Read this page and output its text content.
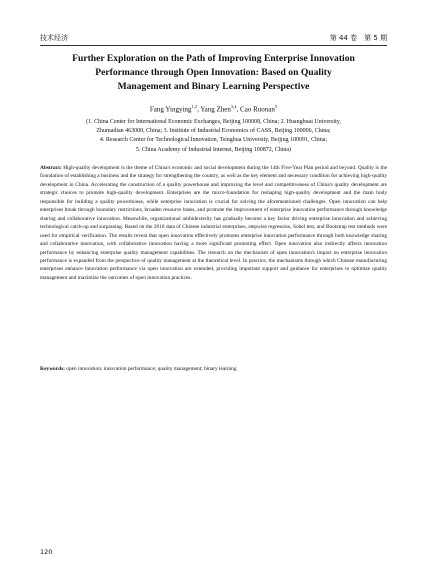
技术经济	第 44 卷　第 5 期
Further Exploration on the Path of Improving Enterprise Innovation
Performance through Open Innovation: Based on Quality
Management and Binary Learning Perspective
Fang Yingying$^{1,2}$, Yang Zhen$^{3,4}$, Cao Ruonan$^5$
(1. China Center for International Economic Exchanges, Beijing 100008, China; 2. Huanghuai University,
Zhumadian 463000, China; 3. Institute of Industrial Economics of CASS, Beijing 100006, China;
4. Research Center for Technological Innovation, Tsinghua University, Beijing 100091, China;
5. China Academy of Industrial Internet, Beijing 100872, China)
Abstract: High-quality development is the theme of China's economic and social development during the 14th Five-Year Plan period and beyond. Quality is the foundation of establishing a business and the strategy for strengthening the country, as well as the key element and necessary condition for achieving high-quality development in China. Accelerating the construction of a quality powerhouse and improving the level and competitiveness of China's quality development are strategic choices to promote high-quality development. Enterprises are the micro-foundation for reshaping high-quality development and the main body responsible for building a quality powerhouse, while enterprise innovation is crucial for solving the aforementioned challenges. Open innovation can help enterprises break through boundary restrictions, broaden resource bases, and promote the improvement of enterprise innovation performance through knowledge sharing and collaborative innovation. Meanwhile, organizational ambidexterity has gradually become a key factor driving enterprise innovation and achieving technological catch-up and surpassing. Based on the 2018 data of Chinese industrial enterprises, stepwise regression, Sobel test, and Bootstrap test methods were used for empirical verification. The results reveal that open innovation effectively promotes enterprise innovation performance through both knowledge sharing and collaborative innovation, with collaborative innovation having a more significant promoting effect. Open innovation also indirectly affects innovation performance by enhancing enterprise quality management capabilities. The research on the mechanism of open innovation's impact on enterprise innovation performance is expanded from the perspective of quality management at the theoretical level. In practice, the mechanisms through which Chinese manufacturing enterprises enhance innovation performance via open innovation are extended, providing important support and guidance for enterprises to optimize quality management and maximize the outcomes of open innovation practices.
Keywords: open innovation; innovation performance; quality management; binary learning
120
